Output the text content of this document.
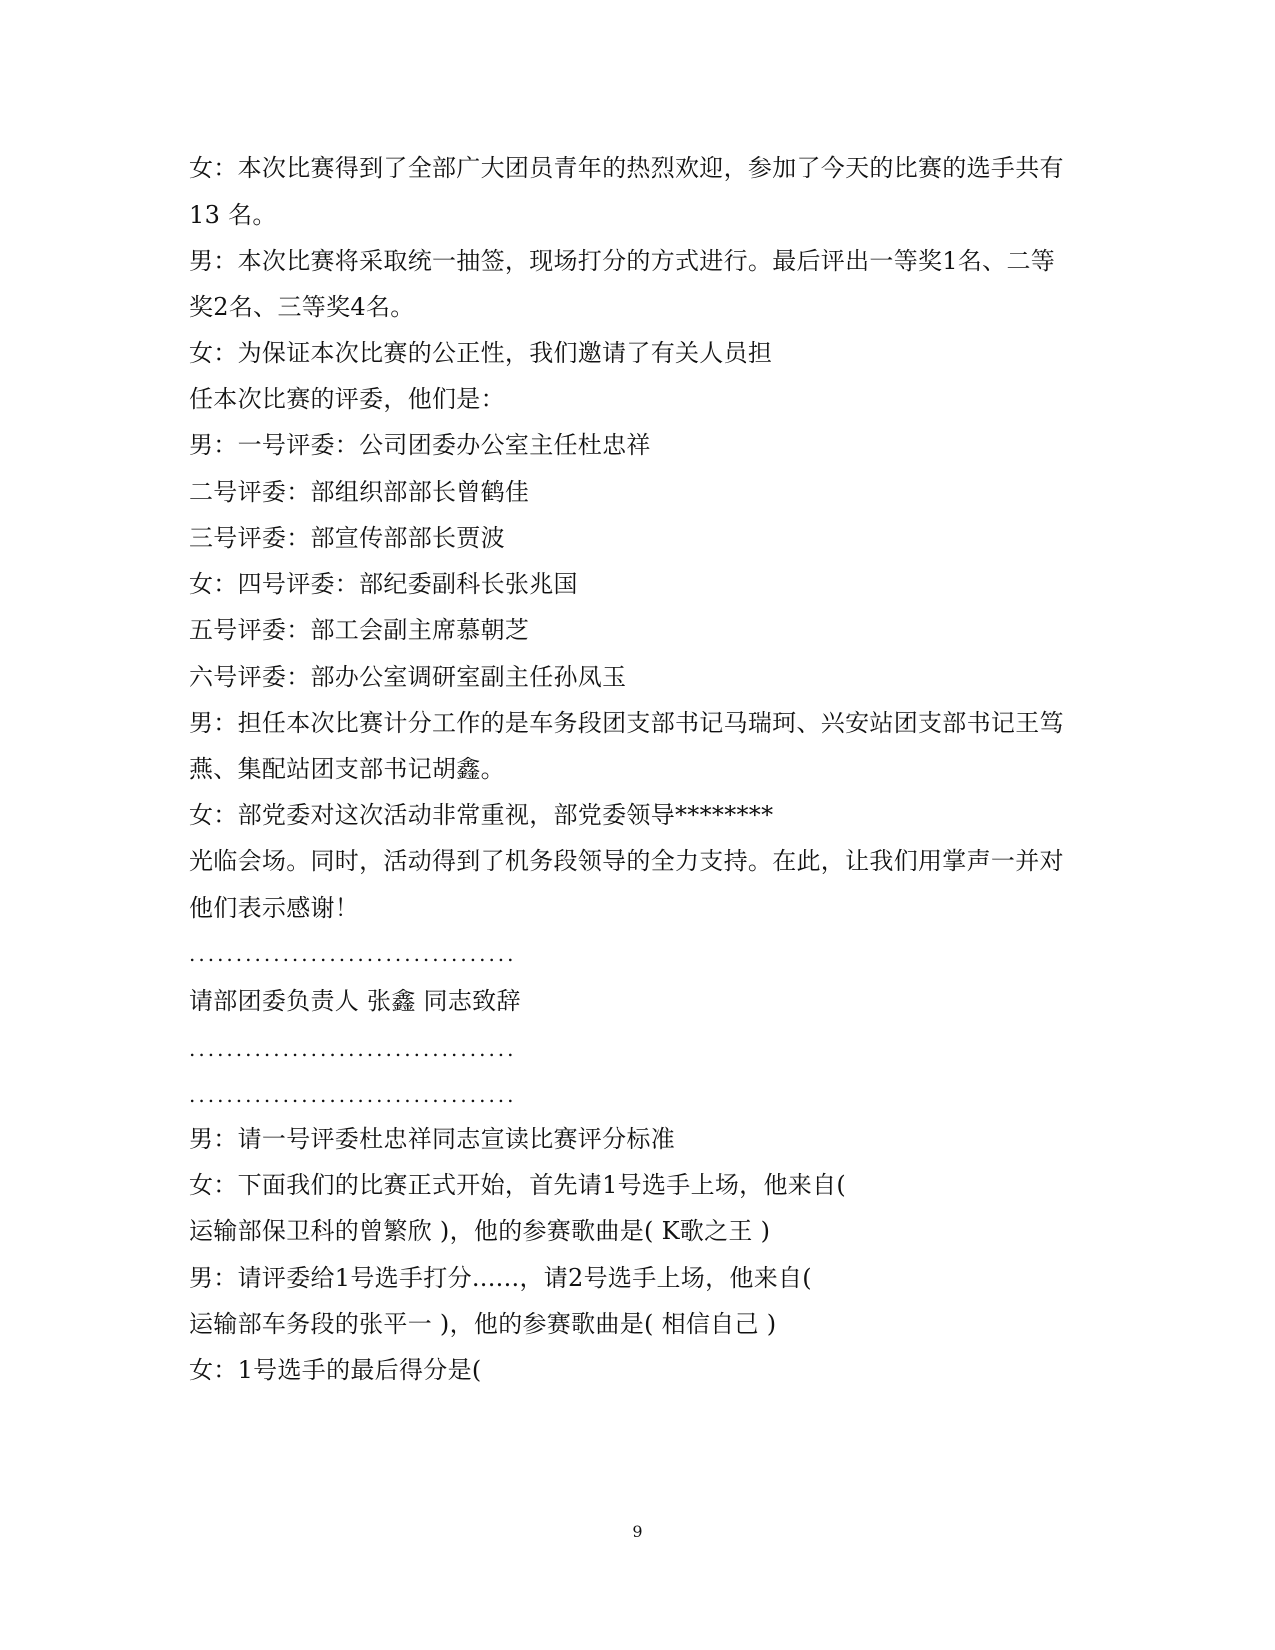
女：本次比赛得到了全部广大团员青年的热烈欢迎，参加了今天的比赛的选手共有
13 名。
男：本次比赛将采取统一抽签，现场打分的方式进行。最后评出一等奖1名、二等
奖2名、三等奖4名。
女：为保证本次比赛的公正性，我们邀请了有关人员担
任本次比赛的评委，他们是：
男：一号评委：公司团委办公室主任杜忠祥
二号评委：部组织部部长曾鹤佳
三号评委：部宣传部部长贾波
女：四号评委：部纪委副科长张兆国
五号评委：部工会副主席慕朝芝
六号评委：部办公室调研室副主任孙凤玉
男：担任本次比赛计分工作的是车务段团支部书记马瑞珂、兴安站团支部书记王笃
燕、集配站团支部书记胡鑫。
女：部党委对这次活动非常重视，部党委领导********
光临会场。同时，活动得到了机务段领导的全力支持。在此，让我们用掌声一并对
他们表示感谢！
...................................
请部团委负责人 张鑫 同志致辞
...................................
...................................
男：请一号评委杜忠祥同志宣读比赛评分标准
女：下面我们的比赛正式开始，首先请1号选手上场，他来自(
运输部保卫科的曾繁欣 )，他的参赛歌曲是( K歌之王 )
男：请评委给1号选手打分......，请2号选手上场，他来自(
运输部车务段的张平一 )，他的参赛歌曲是( 相信自己 )
女：1号选手的最后得分是(
9
